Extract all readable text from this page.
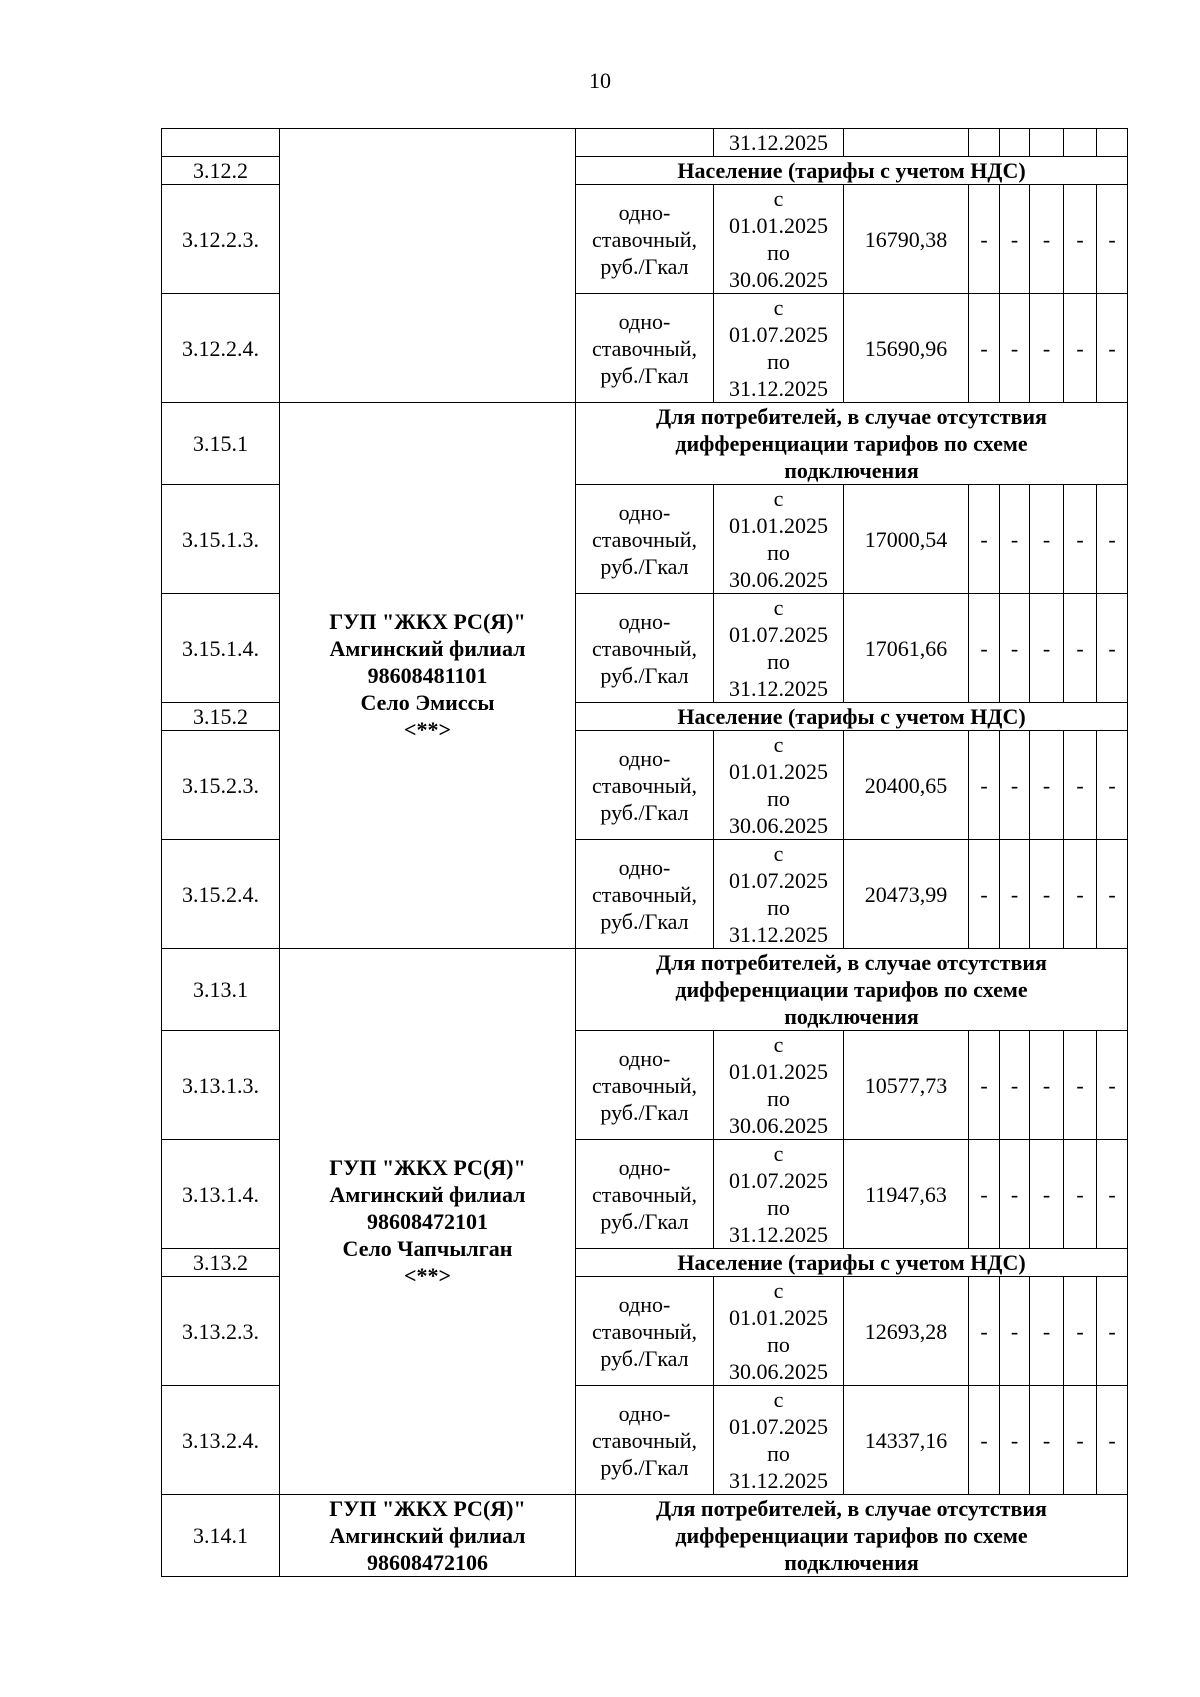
10
			31.12.2025						
3.12.2		Население (тарифы с учетом НДС)							
3.12.2.3.		одно-
ставочный,
руб./Гкал	с
01.01.2025
по
30.06.2025	16790,38	-	-	-	-	-
3.12.2.4.		одно-
ставочный,
руб./Гкал	с
01.07.2025
по
31.12.2025	15690,96	-	-	-	-	-
3.15.1	ГУП "ЖКХ РС(Я)"
Амгинский филиал
98608481101
Село Эмиссы
<**>	Для потребителей, в случае отсутствия
дифференциации тарифов по схеме
подключения							
3.15.1.3.		одно-
ставочный,
руб./Гкал	с
01.01.2025
по
30.06.2025	17000,54	-	-	-	-	-
3.15.1.4.		одно-
ставочный,
руб./Гкал	с
01.07.2025
по
31.12.2025	17061,66	-	-	-	-	-
3.15.2		Население (тарифы с учетом НДС)							
3.15.2.3.		одно-
ставочный,
руб./Гкал	с
01.01.2025
по
30.06.2025	20400,65	-	-	-	-	-
3.15.2.4.		одно-
ставочный,
руб./Гкал	с
01.07.2025
по
31.12.2025	20473,99	-	-	-	-	-
3.13.1	ГУП "ЖКХ РС(Я)"
Амгинский филиал
98608472101
Село Чапчылган
<**>	Для потребителей, в случае отсутствия
дифференциации тарифов по схеме
подключения							
3.13.1.3.		одно-
ставочный,
руб./Гкал	с
01.01.2025
по
30.06.2025	10577,73	-	-	-	-	-
3.13.1.4.		одно-
ставочный,
руб./Гкал	с
01.07.2025
по
31.12.2025	11947,63	-	-	-	-	-
3.13.2		Население (тарифы с учетом НДС)							
3.13.2.3.		одно-
ставочный,
руб./Гкал	с
01.01.2025
по
30.06.2025	12693,28	-	-	-	-	-
3.13.2.4.		одно-
ставочный,
руб./Гкал	с
01.07.2025
по
31.12.2025	14337,16	-	-	-	-	-
3.14.1	ГУП "ЖКХ РС(Я)"
Амгинский филиал
98608472106	Для потребителей, в случае отсутствия
дифференциации тарифов по схеме
подключения							
